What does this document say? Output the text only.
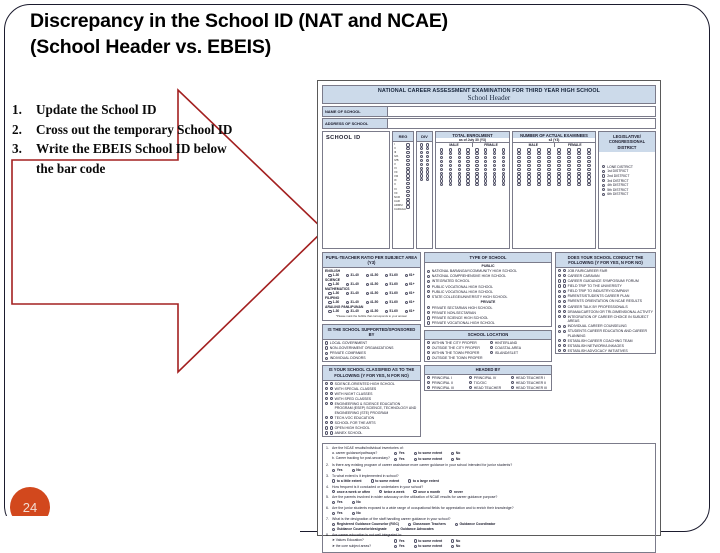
Discrepancy in the School ID (NAT and NCAE)
(School Header vs. EBEIS)
Update the School ID
Cross out the temporary School ID
Write the EBEIS School ID below the bar code
24
NATIONAL CAREER ASSESSMENT EXAMINATION FOR THIRD YEAR HIGH SCHOOL
School Header
NAME OF SCHOOL
ADDRESS OF SCHOOL
SCHOOL ID	REG
I
II
III
IVA
IVB
V
VI
VII
VIII
IX
X
XI
XII
NCR
CAR
ARMM
CARAGA
DIV	TOTAL ENROLMENT
as of July 30 (Y3)
MALE	FEMALE
NUMBER OF ACTUAL EXAMINEES
s3 (Y3)
MALE	FEMALE
LEGISLATIVE/ CONGRESSIONAL DISTRICT
LONE DISTRICT
1st DISTRICT
2nd DISTRICT
3rd DISTRICT
4th DISTRICT
5th DISTRICT
6th DISTRICT
PUPIL-TEACHER RATIO PER SUBJECT AREA (Y3)
ENGLISH
1-30	31-40	41-50	51-60	61+
SCIENCE
1-30	31-40	41-50	51-60	61+
MATHEMATICS
1-30	31-40	41-50	51-60	61+
FILIPINO
1-30	31-40	41-50	51-60	61+
ARALING PANLIPUNAN
1-30	31-40	41-50	51-60	61+
*Please mark the bubble that corresponds to your answer
IS THE SCHOOL SUPPORTED/SPONSORED BY
LOCAL GOVERNMENT
NON-GOVERNMENT ORGANIZATIONS
PRIVATE COMPANIES
INDIVIDUAL DONORS
IS YOUR SCHOOL CLASSIFIED AS TO THE FOLLOWING (Y FOR YES, N FOR NO)
SCIENCE-ORIENTED HIGH SCHOOL
WITH SPECIAL CLASSES
WITH NIGHT CLASSES
WITH SPED CLASSES
ENGINEERING & SCIENCE EDUCATION PROGRAM (ESEP) SCIENCE, TECHNOLOGY AND ENGINEERING (STE) PROGRAM
TECH-VOC EDUCATION
SCHOOL FOR THE ARTS
OPEN HIGH SCHOOL
ANNEX SCHOOL
TYPE OF SCHOOL
PUBLIC
NATIONAL BARANGAY/COMMUNITY HIGH SCHOOL
NATIONAL COMPREHENSIVE HIGH SCHOOL
INTEGRATED SCHOOL
PUBLIC VOCATIONAL HIGH SCHOOL
PUBLIC VOCATIONAL HIGH SCHOOL
STATE COLLEGE/UNIVERSITY HIGH SCHOOL
PRIVATE
PRIVATE SECTARIAN HIGH SCHOOL
PRIVATE NON-SECTARIAN
PRIVATE SCIENCE HIGH SCHOOL
PRIVATE VOCATIONAL HIGH SCHOOL
SCHOOL LOCATION
WITHIN THE CITY PROPER
OUTSIDE THE CITY PROPER
WITHIN THE TOWN PROPER
OUTSIDE THE TOWN PROPER
HINTERLAND
COASTAL AREA
ISLAND/ISLET
HEADED BY
PRINCIPAL I
PRINCIPAL II
PRINCIPAL III
PRINCIPAL IV
TIC/OIC
HEAD TEACHER
HEAD TEACHER I
HEAD TEACHER II
HEAD TEACHER III
DOES YOUR SCHOOL CONDUCT THE FOLLOWING (Y FOR YES, N FOR NO)
JOB FAIR/CAREER FAIR
CAREER CARAVAN
CAREER GUIDANCE SYMPOSIUM/ FORUM
FIELD TRIP TO THE UNIVERSITY
FIELD TRIP TO INDUSTRY/COMPANY
PARENTS/STUDENTS CAREER PLAN
PARENTS ORIENTATION ON NCAE RESULTS
CAREER TALK BY PROFESSIONALS
DRAMA/CARTOON OR TRI-DIMENSIONAL ACTIVITY
INTEGRATION OF CAREER CHOICE IN SUBJECT AREAS
INDIVIDUAL CAREER COUNSELING
STUDENTS CAREER EDUCATION AND CAREER PLANNING
ESTABLISH CAREER COACHING TEAM
ESTABLISH NETWORK/LINKAGES
ESTABLISH ADVOCACY INITIATIVES
1. Are the NCAE results/individual inventories of:
a. career guidance/pathways?	Yes	to some extent	No
b. Career tracking for post-secondary?	Yes	to some extent	No
2. Is there any existing program of career assistance more career guidance in your school intended for junior students?
Yes	No
3. To what extent is it implemented in school?
to a little extent	to some extent	to a large extent
4. How frequent is it conducted or undertaken in your school?
once a week or often	twice a week	once a month	never
5. Are the parents involved in wider advocacy on the utilization of NCAE results for career guidance purpose?
Yes	No
6. Are the junior students exposed to a wide range of occupational fields for appreciation and to enrich their knowledge?
Yes	No
7. What is the designation of the staff handling career guidance in your school?
Registered Guidance Counselor (RGC)	Classroom Teachers	Guidance Coordinator
Guidance Counselor/designate	Guidance Advocates
8. Are career education is not well integrated in:
➤ Values Education?	Yes	to some extent	No
➤ the core subject areas?	Yes	to some extent	No
